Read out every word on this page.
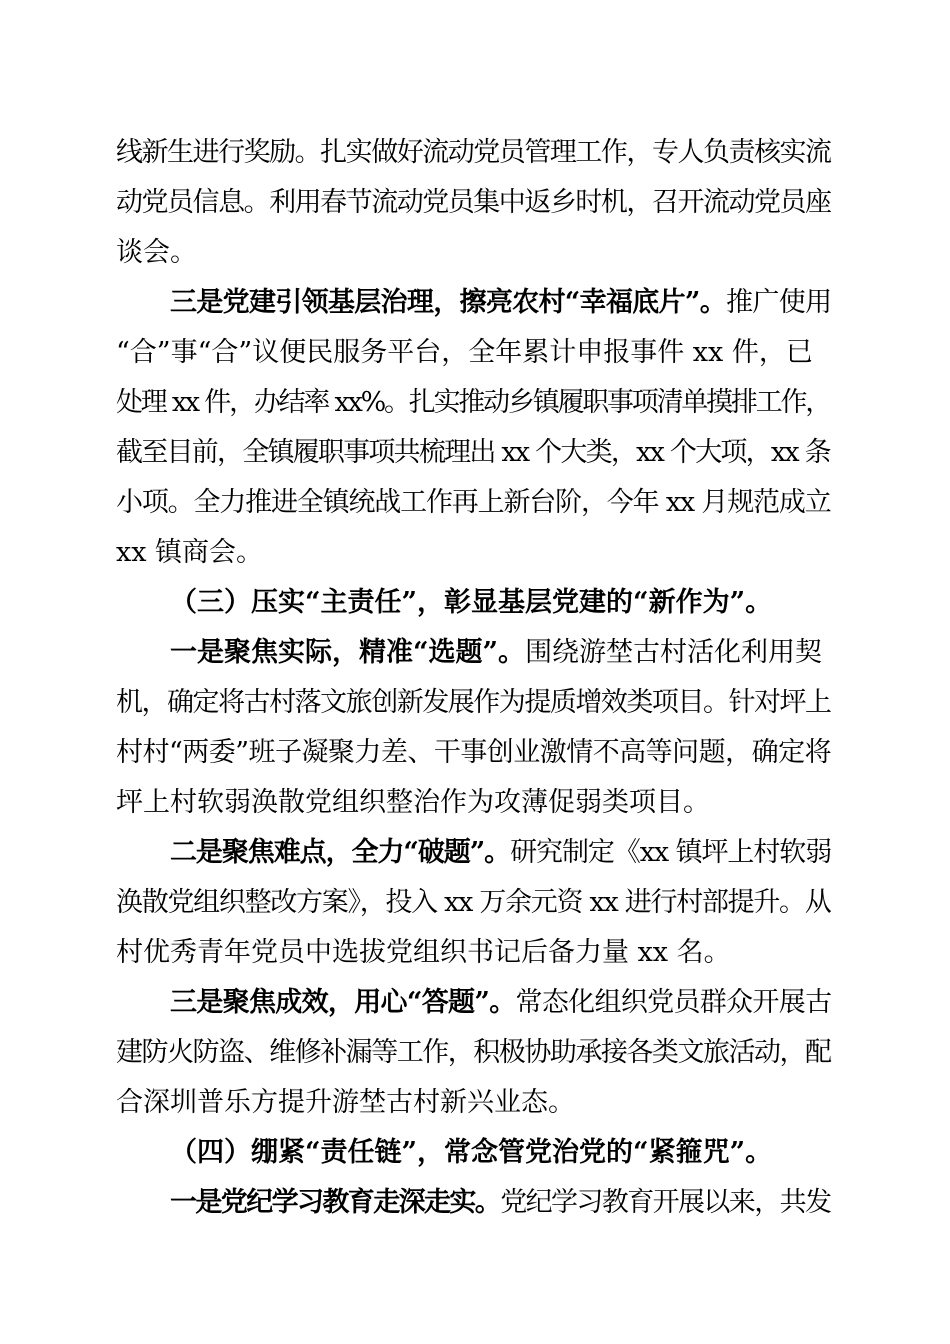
线新生进行奖励。扎实做好流动党员管理工作，专人负责核实流
动党员信息。利用春节流动党员集中返乡时机，召开流动党员座
谈会。
三是党建引领基层治理，擦亮农村“幸福底片”。推广使用
“合”事“合”议便民服务平台，全年累计申报事件 xx 件，已
处理 xx 件，办结率 xx%。扎实推动乡镇履职事项清单摸排工作，
截至目前，全镇履职事项共梳理出 xx 个大类，xx 个大项，xx 条
小项。全力推进全镇统战工作再上新台阶，今年 xx 月规范成立
xx 镇商会。
（三）压实“主责任”，彰显基层党建的“新作为”。
一是聚焦实际，精准“选题”。围绕游埜古村活化利用契
机，确定将古村落文旅创新发展作为提质增效类项目。针对坪上
村村“两委”班子凝聚力差、干事创业激情不高等问题，确定将
坪上村软弱涣散党组织整治作为攻薄促弱类项目。
二是聚焦难点，全力“破题”。研究制定《xx 镇坪上村软弱
涣散党组织整改方案》，投入 xx 万余元资 xx 进行村部提升。从
村优秀青年党员中选拔党组织书记后备力量 xx 名。
三是聚焦成效，用心“答题”。常态化组织党员群众开展古
建防火防盗、维修补漏等工作，积极协助承接各类文旅活动，配
合深圳普乐方提升游埜古村新兴业态。
（四）绷紧“责任链”，常念管党治党的“紧箍咒”。
一是党纪学习教育走深走实。党纪学习教育开展以来，共发
